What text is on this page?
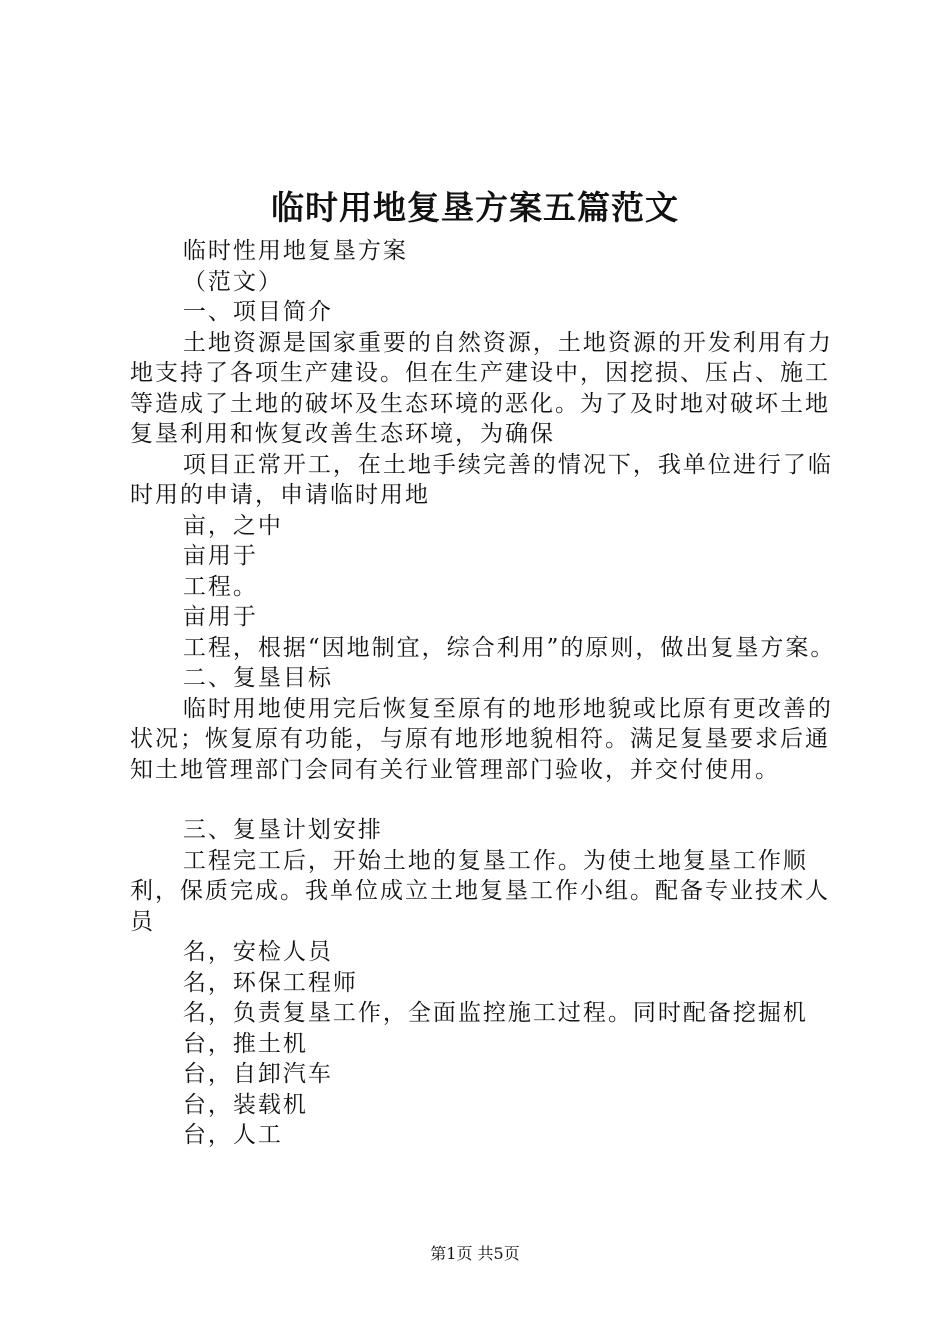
临时用地复垦方案五篇范文

临时性用地复垦方案

（范文）

一、项目简介

土地资源是国家重要的自然资源，土地资源的开发利用有力地支持了各项生产建设。但在生产建设中，因挖损、压占、施工等造成了土地的破坏及生态环境的恶化。为了及时地对破坏土地复垦利用和恢复改善生态环境，为确保

项目正常开工，在土地手续完善的情况下，我单位进行了临时用的申请，申请临时用地

亩，之中

亩用于

工程。

亩用于

工程，根据“因地制宜，综合利用”的原则，做出复垦方案。

二、复垦目标

临时用地使用完后恢复至原有的地形地貌或比原有更改善的状况；恢复原有功能，与原有地形地貌相符。满足复垦要求后通知土地管理部门会同有关行业管理部门验收，并交付使用。

三、复垦计划安排

工程完工后，开始土地的复垦工作。为使土地复垦工作顺利，保质完成。我单位成立土地复垦工作小组。配备专业技术人员

名，安检人员

名，环保工程师

名，负责复垦工作，全面监控施工过程。同时配备挖掘机

台，推土机

台，自卸汽车

台，装载机

台，人工

第1页 共5页
